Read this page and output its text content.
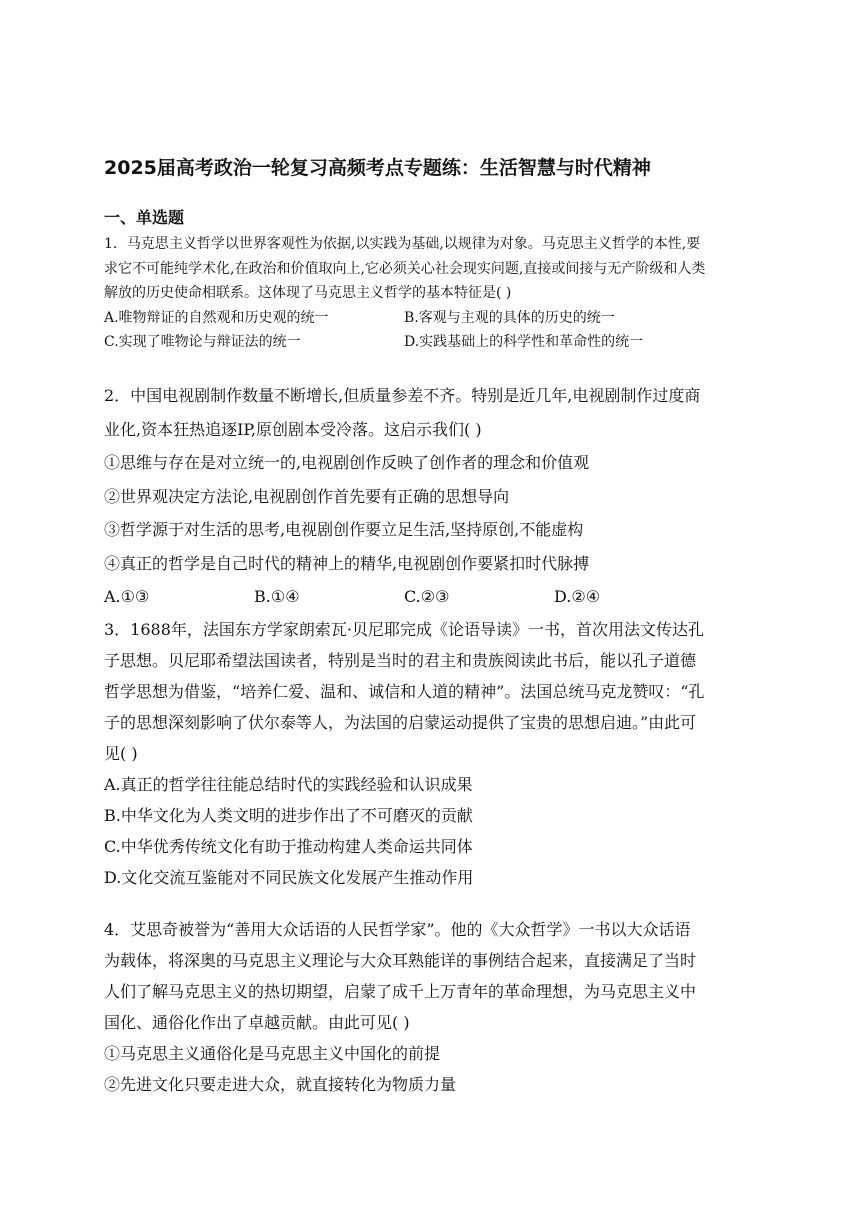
2025届高考政治一轮复习高频考点专题练：生活智慧与时代精神
一、单选题

1．马克思主义哲学以世界客观性为依据,以实践为基础,以规律为对象。马克思主义哲学的本性,要

求它不可能纯学术化,在政治和价值取向上,它必须关心社会现实问题,直接或间接与无产阶级和人类

解放的历史使命相联系。这体现了马克思主义哲学的基本特征是( )

A.唯物辩证的自然观和历史观的统一	B.客观与主观的具体的历史的统一
C.实现了唯物论与辩证法的统一	D.实践基础上的科学性和革命性的统一

2．中国电视剧制作数量不断增长,但质量参差不齐。特别是近几年,电视剧制作过度商

业化,资本狂热追逐IP,原创剧本受冷落。这启示我们( )

①思维与存在是对立统一的,电视剧创作反映了创作者的理念和价值观

②世界观决定方法论,电视剧创作首先要有正确的思想导向

③哲学源于对生活的思考,电视剧创作要立足生活,坚持原创,不能虚构

④真正的哲学是自己时代的精神上的精华,电视剧创作要紧扣时代脉搏

A.①③	B.①④	C.②③	D.②④

3．1688年，法国东方学家朗索瓦·贝尼耶完成《论语导读》一书，首次用法文传达孔

子思想。贝尼耶希望法国读者，特别是当时的君主和贵族阅读此书后，能以孔子道德

哲学思想为借鉴，“培养仁爱、温和、诚信和人道的精神”。法国总统马克龙赞叹：“孔

子的思想深刻影响了伏尔泰等人，为法国的启蒙运动提供了宝贵的思想启迪。”由此可

见( )

A.真正的哲学往往能总结时代的实践经验和认识成果

B.中华文化为人类文明的进步作出了不可磨灭的贡献

C.中华优秀传统文化有助于推动构建人类命运共同体

D.文化交流互鉴能对不同民族文化发展产生推动作用

4．艾思奇被誉为“善用大众话语的人民哲学家”。他的《大众哲学》一书以大众话语

为载体，将深奥的马克思主义理论与大众耳熟能详的事例结合起来，直接满足了当时

人们了解马克思主义的热切期望，启蒙了成千上万青年的革命理想，为马克思主义中

国化、通俗化作出了卓越贡献。由此可见( )

①马克思主义通俗化是马克思主义中国化的前提

②先进文化只要走进大众，就直接转化为物质力量
